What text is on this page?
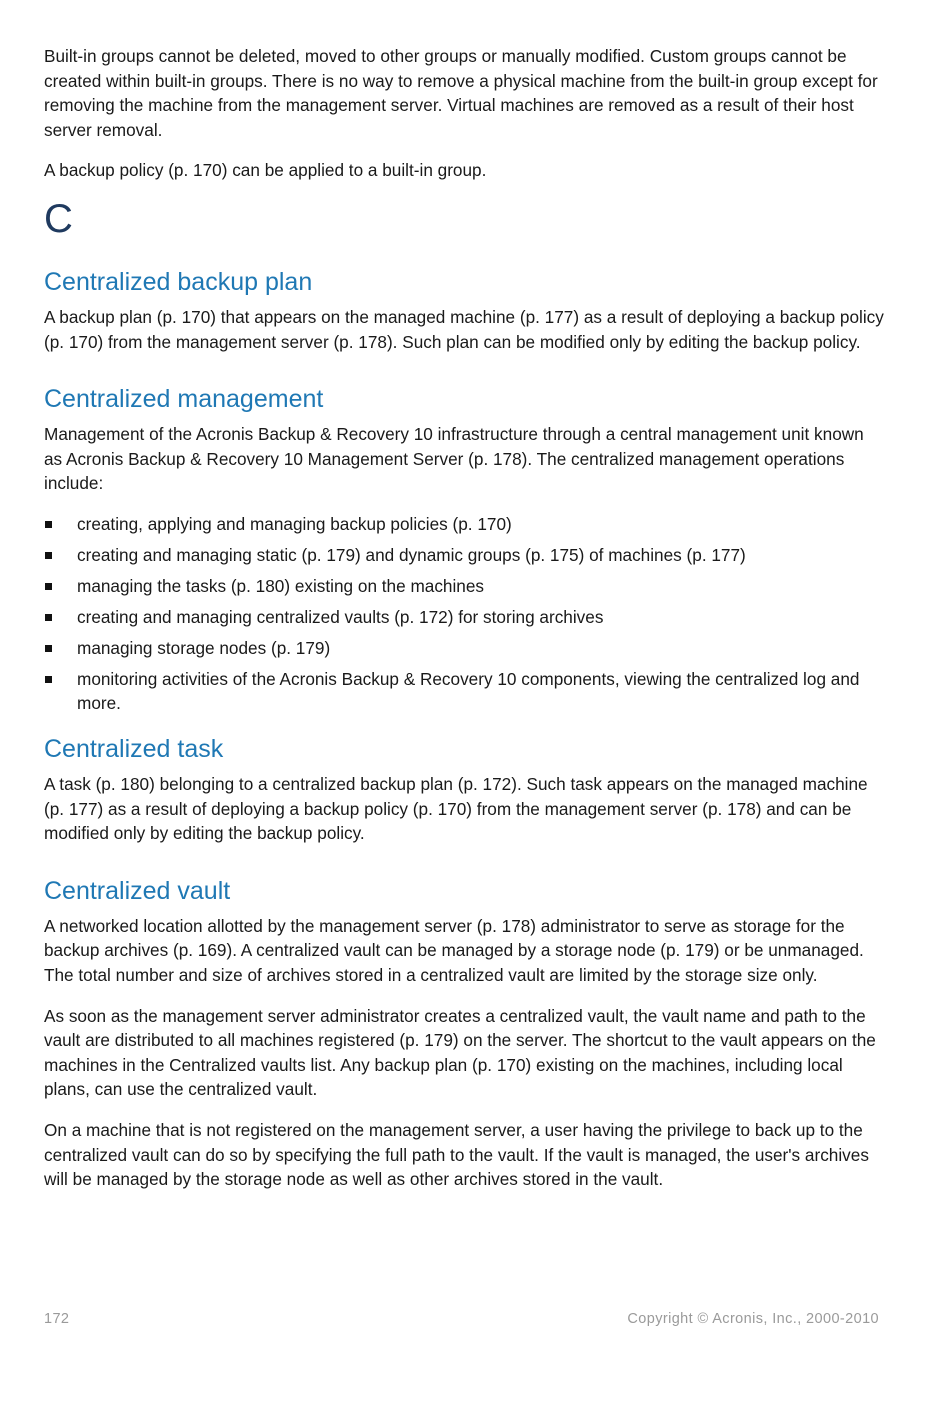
Built-in groups cannot be deleted, moved to other groups or manually modified. Custom groups cannot be created within built-in groups. There is no way to remove a physical machine from the built-in group except for removing the machine from the management server. Virtual machines are removed as a result of their host server removal.

A backup policy (p. 170) can be applied to a built-in group.

C
Centralized backup plan

A backup plan (p. 170) that appears on the managed machine (p. 177) as a result of deploying a backup policy (p. 170) from the management server (p. 178). Such plan can be modified only by editing the backup policy.

Centralized management

Management of the Acronis Backup & Recovery 10 infrastructure through a central management unit known as Acronis Backup & Recovery 10 Management Server (p. 178). The centralized management operations include:

creating, applying and managing backup policies (p. 170)
creating and managing static (p. 179) and dynamic groups (p. 175) of machines (p. 177)
managing the tasks (p. 180) existing on the machines
creating and managing centralized vaults (p. 172) for storing archives
managing storage nodes (p. 179)
monitoring activities of the Acronis Backup & Recovery 10 components, viewing the centralized log and more.
Centralized task

A task (p. 180) belonging to a centralized backup plan (p. 172). Such task appears on the managed machine (p. 177) as a result of deploying a backup policy (p. 170) from the management server (p. 178) and can be modified only by editing the backup policy.

Centralized vault

A networked location allotted by the management server (p. 178) administrator to serve as storage for the backup archives (p. 169). A centralized vault can be managed by a storage node (p. 179) or be unmanaged. The total number and size of archives stored in a centralized vault are limited by the storage size only.

As soon as the management server administrator creates a centralized vault, the vault name and path to the vault are distributed to all machines registered (p. 179) on the server. The shortcut to the vault appears on the machines in the Centralized vaults list. Any backup plan (p. 170) existing on the machines, including local plans, can use the centralized vault.

On a machine that is not registered on the management server, a user having the privilege to back up to the centralized vault can do so by specifying the full path to the vault. If the vault is managed, the user's archives will be managed by the storage node as well as other archives stored in the vault.

172	Copyright © Acronis, Inc., 2000-2010
